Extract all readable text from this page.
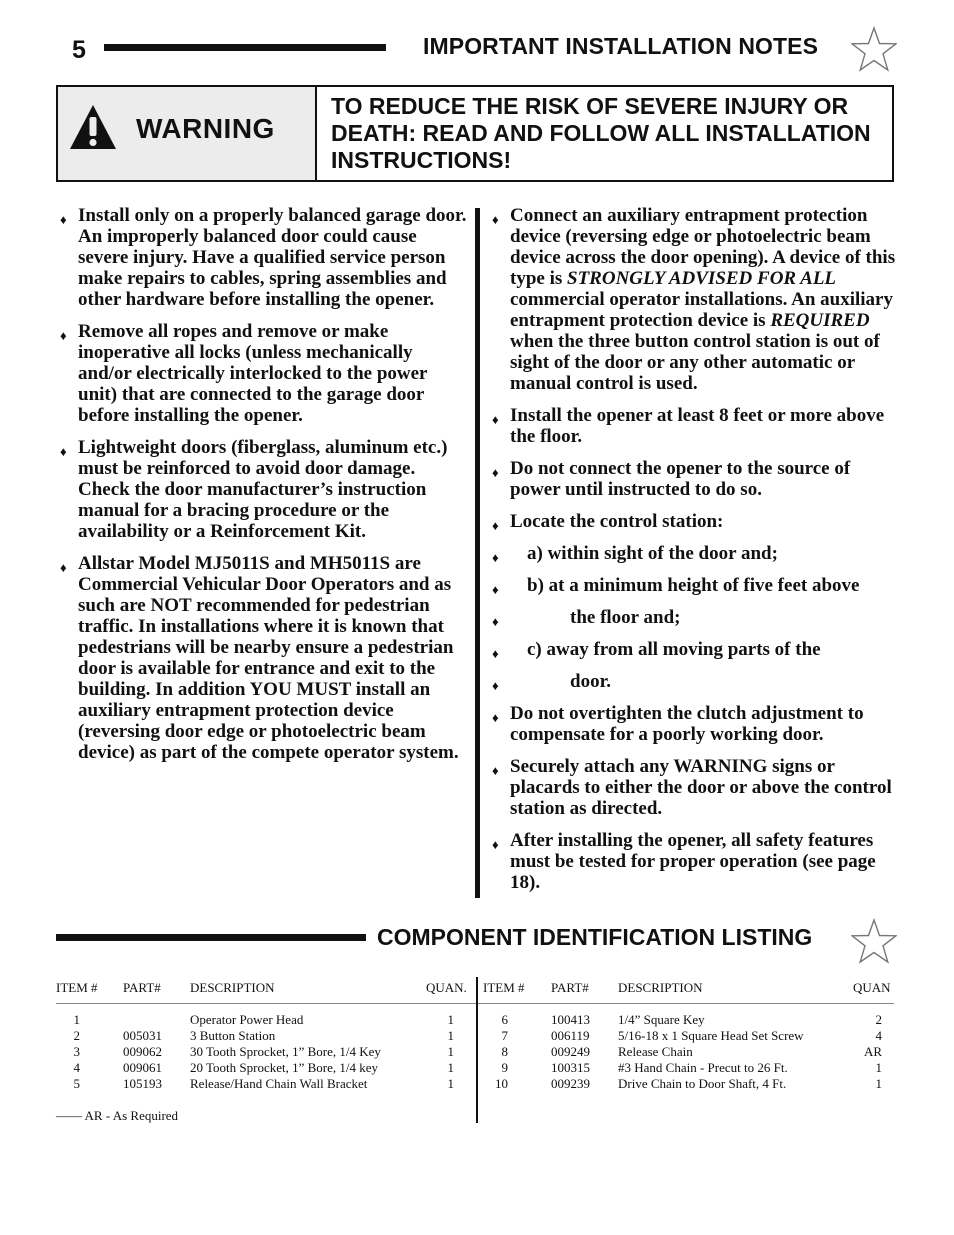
5	IMPORTANT INSTALLATION NOTES
WARNING
TO REDUCE THE RISK OF SEVERE INJURY OR DEATH: READ AND FOLLOW ALL INSTALLATION INSTRUCTIONS!
♦ Install only on a properly balanced garage door. An improperly balanced door could cause severe injury. Have a qualified service person make repairs to cables, spring assemblies and other hardware before installing the opener.
♦ Remove all ropes and remove or make inoperative all locks (unless mechanically and/or electrically interlocked to the power unit) that are connected to the garage door before installing the opener.
♦ Lightweight doors (fiberglass, aluminum etc.) must be reinforced to avoid door damage. Check the door manufacturer’s instruction manual for a bracing procedure or the availability or a Reinforcement Kit.
♦ Allstar Model MJ5011S and MH5011S are Commercial Vehicular Door Operators and as such are NOT recommended for pedestrian traffic. In installations where it is known that pedestrians will be nearby ensure a pedestrian door is available for entrance and exit to the building. In addition YOU MUST install an auxiliary entrapment protection device (reversing door edge or photoelectric beam device) as part of the compete operator system.
♦ Connect an auxiliary entrapment protection device (reversing edge or photoelectric beam device across the door opening). A device of this type is STRONGLY ADVISED FOR ALL commercial operator installations. An auxiliary entrapment protection device is REQUIRED when the three button control station is out of sight of the door or any other automatic or manual control is used.
♦ Install the opener at least 8 feet or more above the floor.
♦ Do not connect the opener to the source of power until instructed to do so.
♦ Locate the control station:
♦ a) within sight of the door and;
♦ b) at a minimum height of five feet above
♦	the floor and;
♦ c) away from all moving parts of the
♦	door.
♦ Do not overtighten the clutch adjustment to compensate for a poorly working door.
♦ Securely attach any WARNING signs or placards to either the door or above the control station as directed.
♦ After installing the opener, all safety features must be tested for proper operation (see page 18).
COMPONENT IDENTIFICATION LISTING
ITEM # PART# DESCRIPTION	QUAN. ITEM # PART# DESCRIPTION	QUAN
1	Operator Power Head	1
2	005031 3 Button Station	1
3	009062 30 Tooth Sprocket, 1” Bore, 1/4 Key	1
4	009061 20 Tooth Sprocket, 1” Bore, 1/4 key	1
5	105193 Release/Hand Chain Wall Bracket	1
6	100413 1/4” Square Key	2
7	006119 5/16-18 x 1 Square Head Set Screw	4
8	009249 Release Chain	AR
9	100315 #3 Hand Chain - Precut to 26 Ft.	1
10	009239 Drive Chain to Door Shaft, 4 Ft.	1
—— AR - As Required
